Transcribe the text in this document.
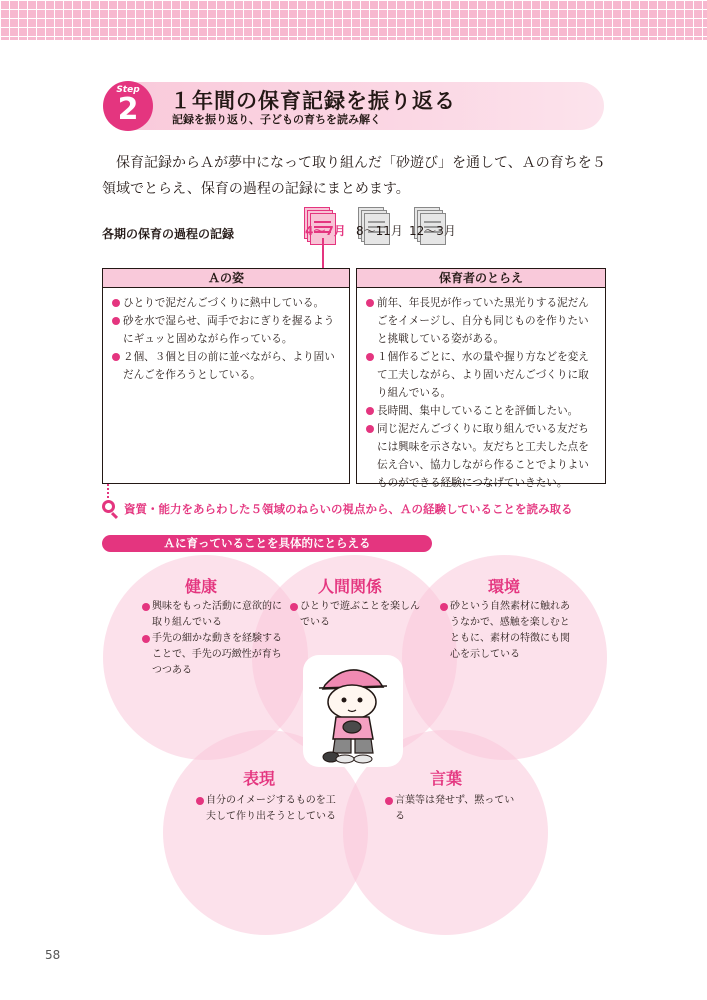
Step
2	１年間の保育記録を振り返る
記録を振り返り、子どもの育ちを読み解く

保育記録からＡが夢中になって取り組んだ「砂遊び」を通して、Ａの育ちを５領域でとらえ、保育の過程の記録にまとめます。

各期の保育の過程の記録	4～7月 8～11月 12～3月
Ａの姿
ひとりで泥だんごづくりに熱中している。
砂を水で湿らせ、両手でおにぎりを握るようにギュッと固めながら作っている。
２個、３個と目の前に並べながら、より固いだんごを作ろうとしている。
保育者のとらえ
前年、年長児が作っていた黒光りする泥だんごをイメージし、自分も同じものを作りたいと挑戦している姿がある。
１個作るごとに、水の量や握り方などを変えて工夫しながら、より固いだんごづくりに取り組んでいる。
長時間、集中していることを評価したい。
同じ泥だんごづくりに取り組んでいる友だちには興味を示さない。友だちと工夫した点を伝え合い、協力しながら作ることでよりよいものができる経験につなげていきたい。
資質・能力をあらわした５領域のねらいの視点から、Ａの経験していることを読み取る
Ａに育っていることを具体的にとらえる
健康
興味をもった活動に意欲的に取り組んでいる
手先の細かな動きを経験することで、手先の巧緻性が育ちつつある
人間関係
ひとりで遊ぶことを楽しんでいる
環境
砂という自然素材に触れあうなかで、感触を楽しむとともに、素材の特徴にも関心を示している
表現
自分のイメージするものを工夫して作り出そうとしている
言葉
言葉等は発せず、黙っている
58
